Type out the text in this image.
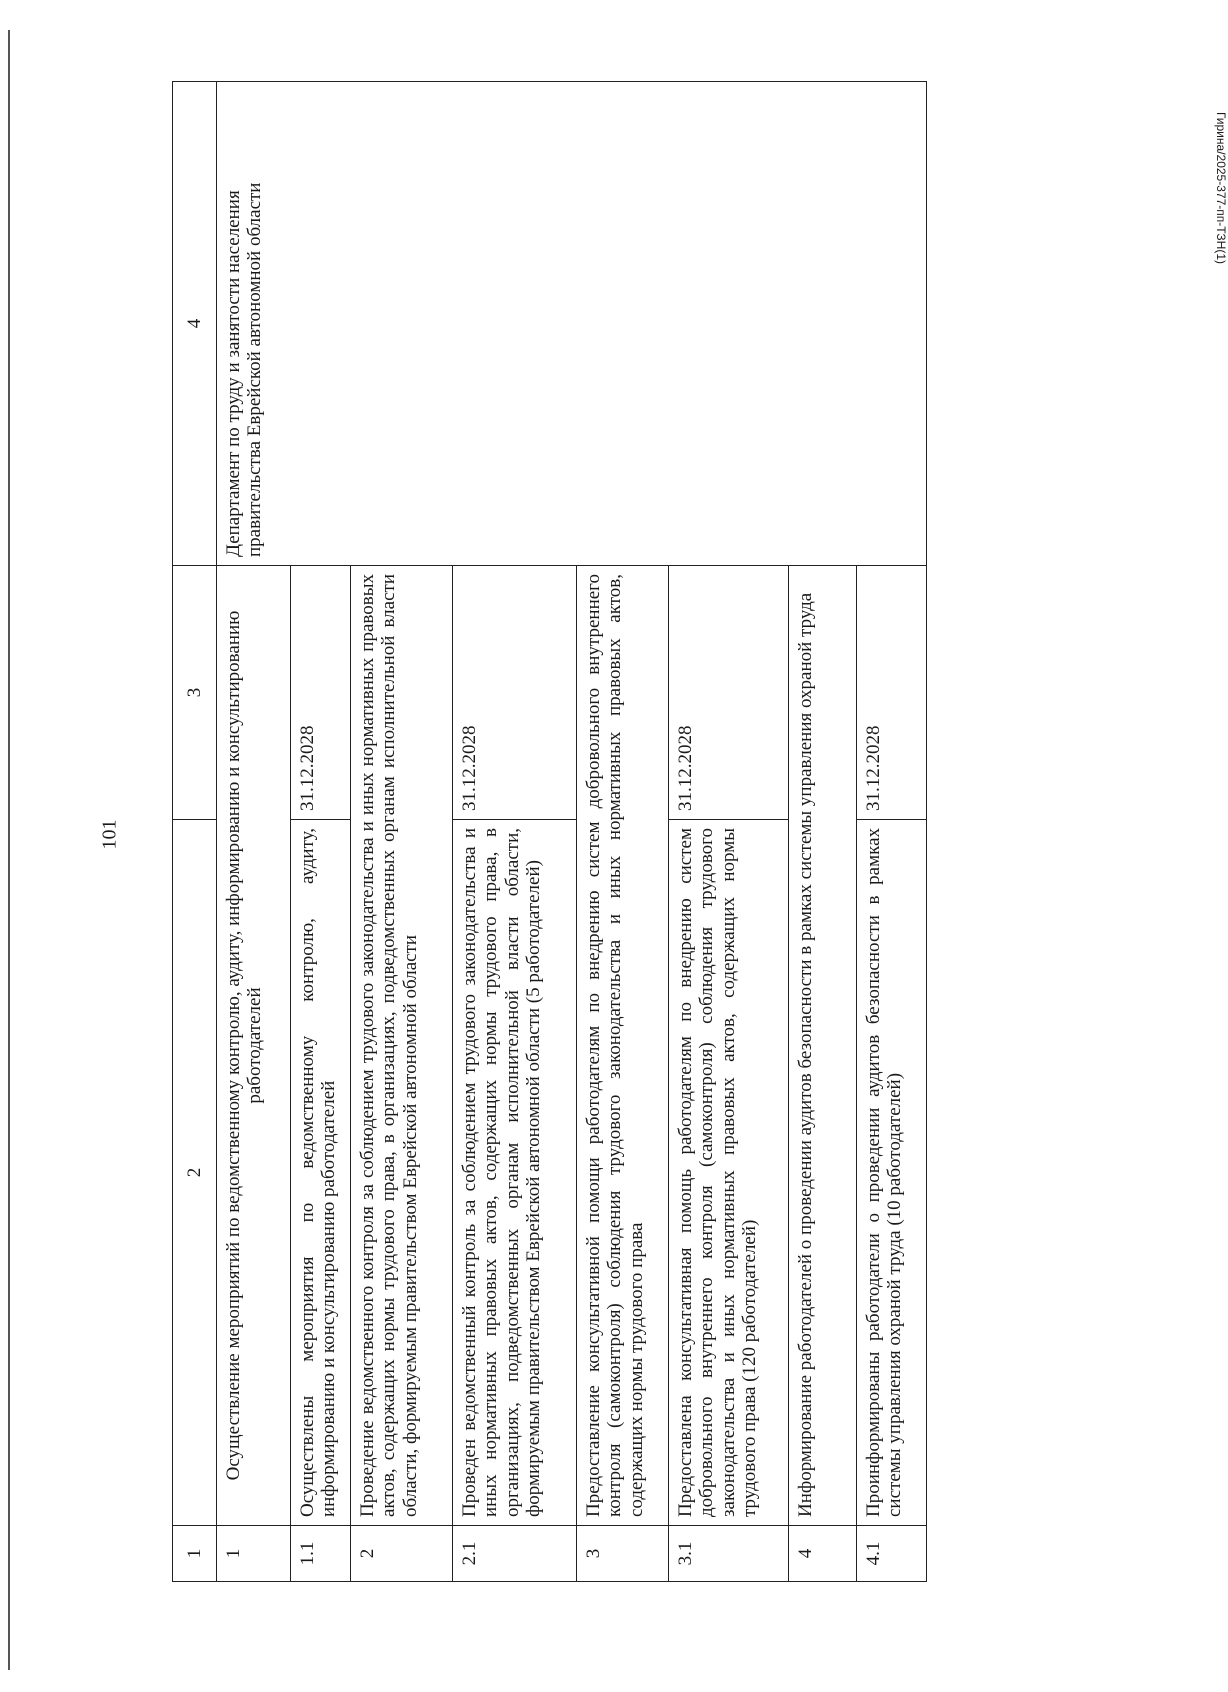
101
Гирина/2025-377-пп-ТЗН(1)
1	2	3	4
1	Осуществление мероприятий по ведомственному контролю, аудиту, информированию и консультированию работодателей		Департамент по труду и занятости населения правительства Еврейской автономной области
1.1	Осуществлены мероприятия по ведомственному контролю, аудиту, информированию и консультированию работодателей	31.12.2028	
2	Проведение ведомственного контроля за соблюдением трудового законодательства и иных нормативных правовых актов, содержащих нормы трудового права, в организациях, подведомственных органам исполнительной власти области, формируемым правительством Еврейской автономной области		
2.1	Проведен ведомственный контроль за соблюдением трудового законодательства и иных нормативных правовых актов, содержащих нормы трудового права, в организациях, подведомственных органам исполнительной власти области, формируемым правительством Еврейской автономной области (5 работодателей)	31.12.2028	
3	Предоставление консультативной помощи работодателям по внедрению систем добровольного внутреннего контроля (самоконтроля) соблюдения трудового законодательства и иных нормативных правовых актов, содержащих нормы трудового права		
3.1	Предоставлена консультативная помощь работодателям по внедрению систем добровольного внутреннего контроля (самоконтроля) соблюдения трудового законодательства и иных нормативных правовых актов, содержащих нормы трудового права (120 работодателей)	31.12.2028	
4	Информирование работодателей о проведении аудитов безопасности в рамках системы управления охраной труда		
4.1	Проинформированы работодатели о проведении аудитов безопасности в рамках системы управления охраной труда (10 работодателей)	31.12.2028	
